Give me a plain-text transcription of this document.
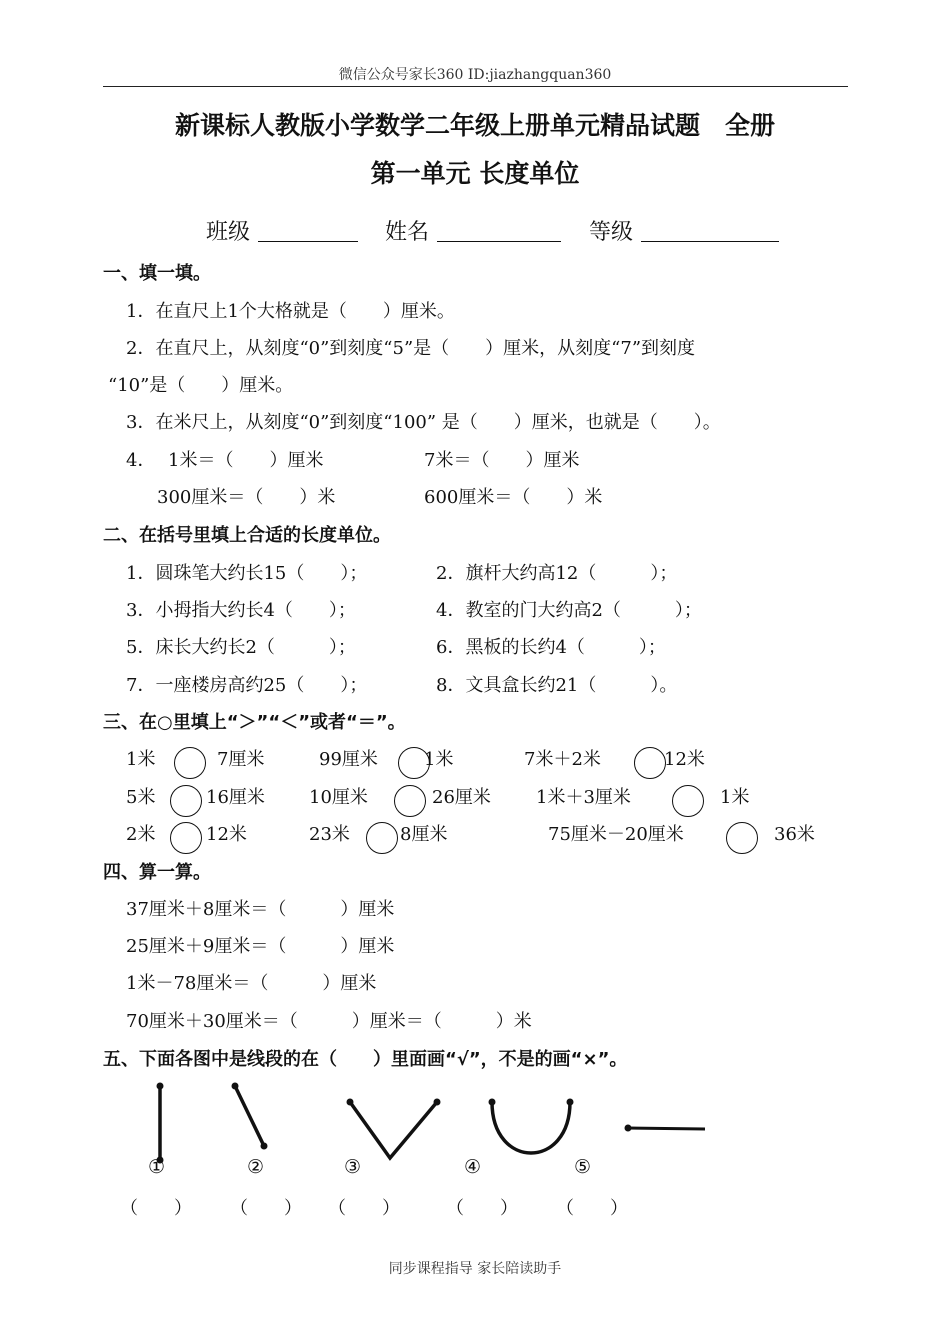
微信公众号家长360 ID:jiazhangquan360
新课标人教版小学数学二年级上册单元精品试题　全册
第一单元 长度单位
班级	姓名	等级
一、填一填。
1．在直尺上1个大格就是（　　）厘米。
2．在直尺上，从刻度“0”到刻度“5”是（　　）厘米，从刻度“7”到刻度
“10”是（　　）厘米。
3．在米尺上，从刻度“0”到刻度“100” 是（　　）厘米，也就是（　　）。
4． 1米＝（　　）厘米	7米＝（　　）厘米
300厘米＝（　　）米	600厘米＝（　　）米
二、在括号里填上合适的长度单位。
1．圆珠笔大约长15（　　）；	2．旗杆大约高12（　　　）；
3．小拇指大约长4（　　）；	4．教室的门大约高2（　　　）；
5．床长大约长2（　　　）；	6．黑板的长约4（　　　）；
7．一座楼房高约25（　　）；	8．文具盒长约21（　　　）。
三、在○里填上“＞”“＜”或者“＝”。
1米	7厘米	99厘米	1米	7米＋2米	12米
5米	16厘米 10厘米	26厘米	1米＋3厘米	1米
2米	12米	23米	8厘米	75厘米－20厘米	36米
四、算一算。
37厘米＋8厘米＝（　　　）厘米
25厘米＋9厘米＝（　　　）厘米
1米－78厘米＝（　　　）厘米
70厘米＋30厘米＝（　　　）厘米＝（　　　）米
五、下面各图中是线段的在（　　）里面画“√”，不是的画“×”。
①	②	③	④	⑤
（　　） （　　） （　　）	（　　） （　　）
同步课程指导 家长陪读助手
